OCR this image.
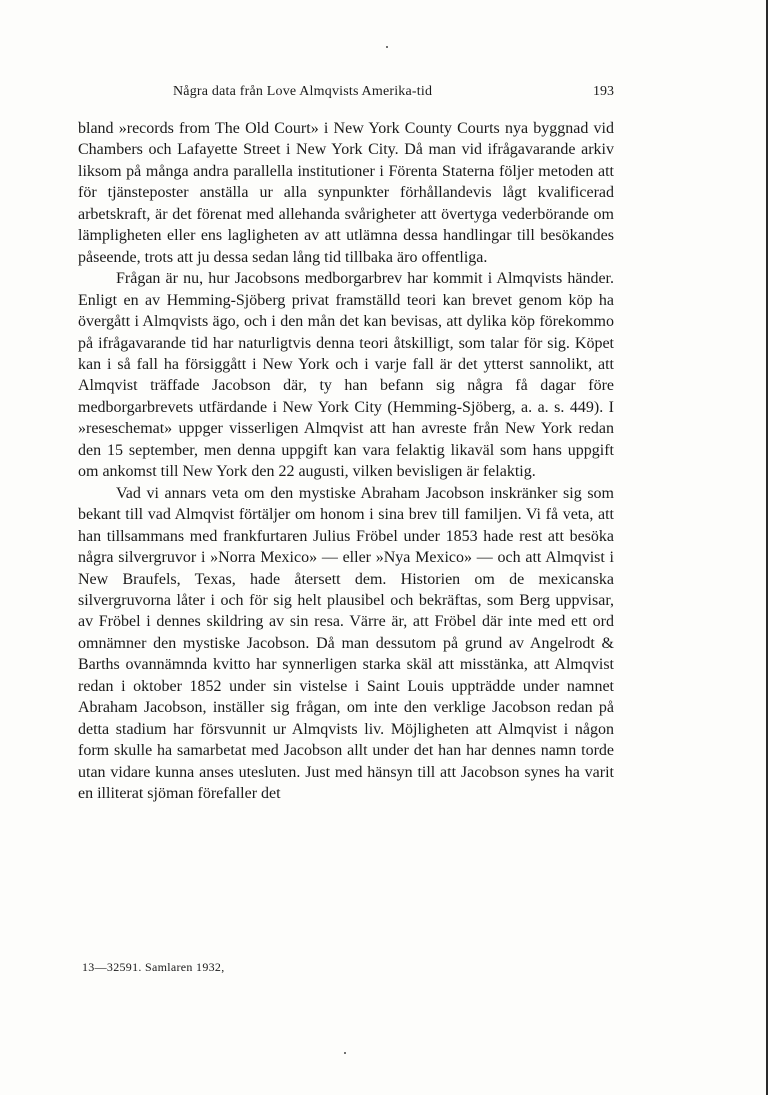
Några data från Love Almqvists Amerika-tid	193

bland »records from The Old Court» i New York County Courts nya byggnad vid Chambers och Lafayette Street i New York City. Då man vid ifrågavarande arkiv liksom på många andra parallella institutioner i Förenta Staterna följer metoden att för tjänsteposter anställa ur alla synpunkter förhållandevis lågt kvalificerad arbetskraft, är det förenat med allehanda svårigheter att övertyga vederbörande om lämpligheten eller ens lagligheten av att utlämna dessa handlingar till besökandes påseende, trots att ju dessa sedan lång tid tillbaka äro offentliga.

Frågan är nu, hur Jacobsons medborgarbrev har kommit i Almqvists händer. Enligt en av Hemming-Sjöberg privat framställd teori kan brevet genom köp ha övergått i Almqvists ägo, och i den mån det kan bevisas, att dylika köp förekommo på ifrågavarande tid har naturligtvis denna teori åtskilligt, som talar för sig. Köpet kan i så fall ha försiggått i New York och i varje fall är det ytterst sannolikt, att Almqvist träffade Jacobson där, ty han befann sig några få dagar före medborgarbrevets utfärdande i New York City (Hemming-Sjöberg, a. a. s. 449). I »reseschemat» uppger visserligen Almqvist att han avreste från New York redan den 15 september, men denna uppgift kan vara felaktig likaväl som hans uppgift om ankomst till New York den 22 augusti, vilken bevisligen är felaktig.

Vad vi annars veta om den mystiske Abraham Jacobson inskränker sig som bekant till vad Almqvist förtäljer om honom i sina brev till familjen. Vi få veta, att han tillsammans med frankfurtaren Julius Fröbel under 1853 hade rest att besöka några silvergruvor i »Norra Mexico» — eller »Nya Mexico» — och att Almqvist i New Braufels, Texas, hade återsett dem. Historien om de mexicanska silvergruvorna låter i och för sig helt plausibel och bekräftas, som Berg uppvisar, av Fröbel i dennes skildring av sin resa. Värre är, att Fröbel där inte med ett ord omnämner den mystiske Jacobson. Då man dessutom på grund av Angelrodt & Barths ovannämnda kvitto har synnerligen starka skäl att misstänka, att Almqvist redan i oktober 1852 under sin vistelse i Saint Louis uppträdde under namnet Abraham Jacobson, inställer sig frågan, om inte den verklige Jacobson redan på detta stadium har försvunnit ur Almqvists liv. Möjligheten att Almqvist i någon form skulle ha samarbetat med Jacobson allt under det han har dennes namn torde utan vidare kunna anses utesluten. Just med hänsyn till att Jacobson synes ha varit en illiterat sjöman förefaller det

13—32591. Samlaren 1932,
